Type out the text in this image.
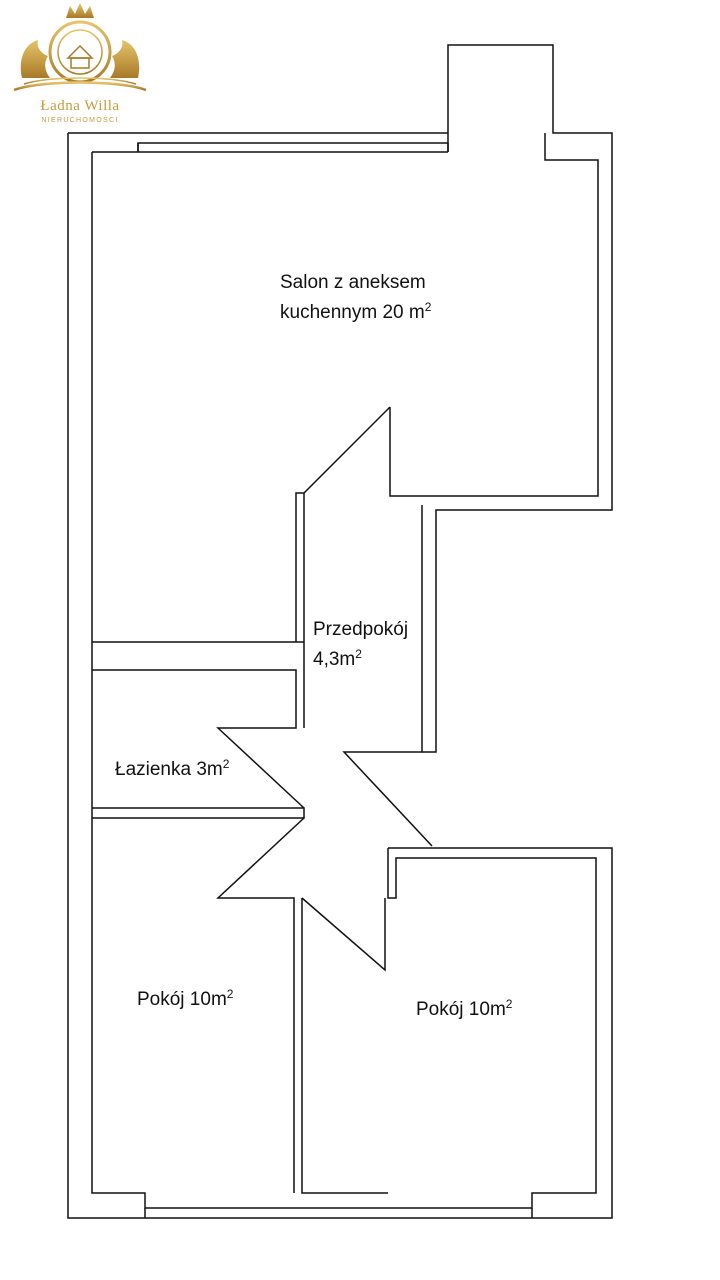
Ładna Willa
NIERUCHOMOŚCI
Salon z aneksem
kuchennym 20 $m^2$
Przedpokój
$4,3m^2$
Łazienka $3m^2$
Pokój $10m^2$
Pokój $10m^2$
